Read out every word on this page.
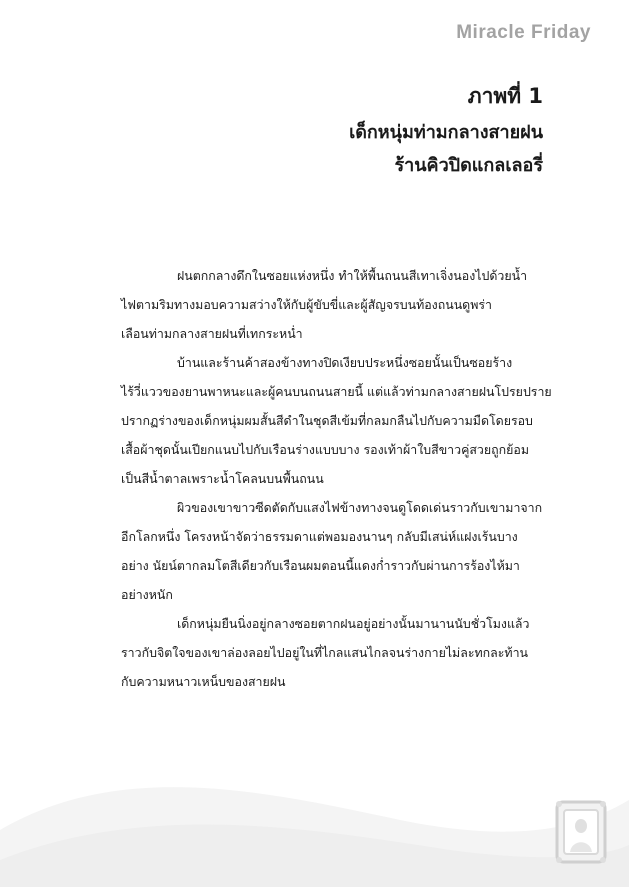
Miracle Friday
ภาพที่ 1
เด็กหนุ่มท่ามกลางสายฝน
ร้านคิวปิดแกลเลอรี่

ฝนตกกลางดึกในซอยแห่งหนึ่ง ทำให้พื้นถนนสีเทาเจิ่งนองไปด้วยน้ำ
ไฟตามริมทางมอบความสว่างให้กับผู้ขับขี่และผู้สัญจรบนท้องถนนดูพร่า
เลือนท่ามกลางสายฝนที่เทกระหน่ำ

บ้านและร้านค้าสองข้างทางปิดเงียบประหนึ่งซอยนั้นเป็นซอยร้าง
ไร้วี่แววของยานพาหนะและผู้คนบนถนนสายนี้ แต่แล้วท่ามกลางสายฝนโปรยปราย
ปรากฏร่างของเด็กหนุ่มผมสั้นสีดำในชุดสีเข้มที่กลมกลืนไปกับความมืดโดยรอบ
เสื้อผ้าชุดนั้นเปียกแนบไปกับเรือนร่างแบบบาง รองเท้าผ้าใบสีขาวคู่สวยถูกย้อม
เป็นสีน้ำตาลเพราะน้ำโคลนบนพื้นถนน

ผิวของเขาขาวซีดตัดกับแสงไฟข้างทางจนดูโดดเด่นราวกับเขามาจาก
อีกโลกหนึ่ง โครงหน้าจัดว่าธรรมดาแต่พอมองนานๆ กลับมีเสน่ห์แฝงเร้นบาง
อย่าง นัยน์ตากลมโตสีเดียวกับเรือนผมตอนนี้แดงก่ำราวกับผ่านการร้องไห้มา
อย่างหนัก

เด็กหนุ่มยืนนิ่งอยู่กลางซอยตากฝนอยู่อย่างนั้นมานานนับชั่วโมงแล้ว
ราวกับจิตใจของเขาล่องลอยไปอยู่ในที่ไกลแสนไกลจนร่างกายไม่ละทกละท้าน
กับความหนาวเหน็บของสายฝน
